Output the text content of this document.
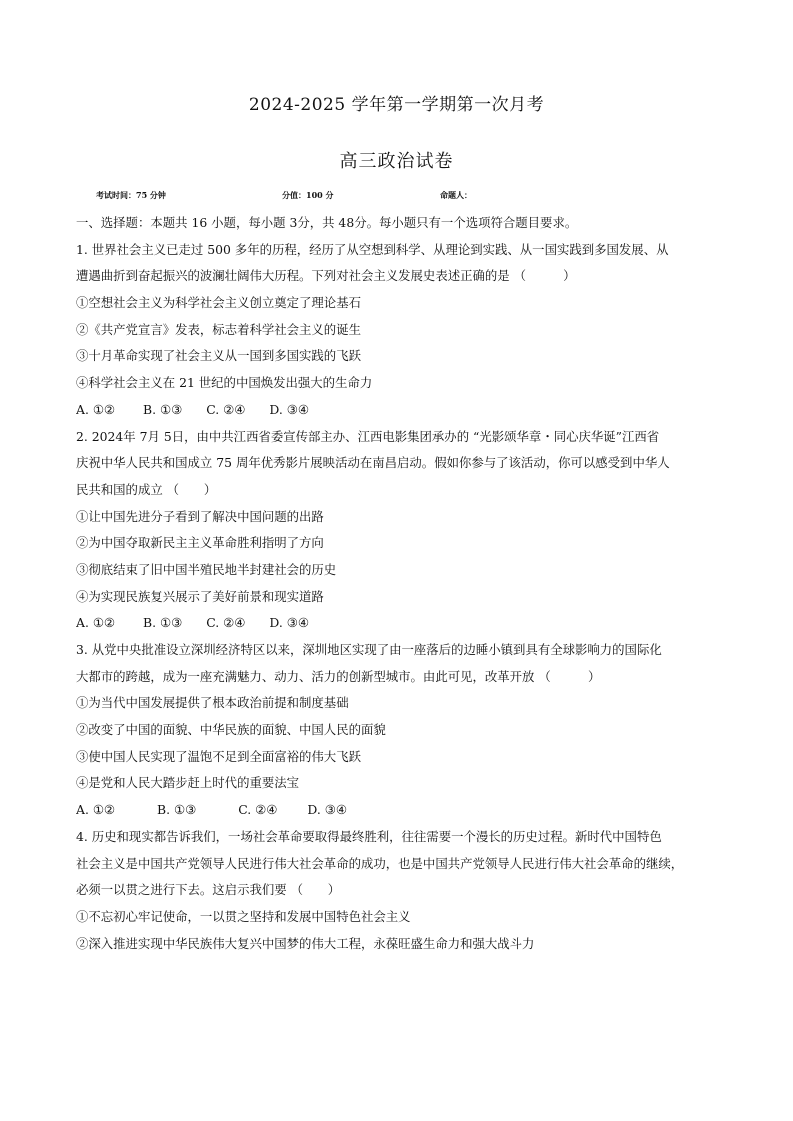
2024-2025 学年第一学期第一次月考
高三政治试卷
考试时间：75 分钟	分值：100 分	命题人：
一、选择题：本题共 16 小题，每小题 3分，共 48分。每小题只有一个选项符合题目要求。
1. 世界社会主义已走过 500 多年的历程，经历了从空想到科学、从理论到实践、从一国实践到多国发展、从
遭遇曲折到奋起振兴的波澜壮阔伟大历程。下列对社会主义发展史表述正确的是 （　　　）
①空想社会主义为科学社会主义创立奠定了理论基石
②《共产党宣言》发表，标志着科学社会主义的诞生
③十月革命实现了社会主义从一国到多国实践的飞跃
④科学社会主义在 21 世纪的中国焕发出强大的生命力
A. ①② B. ①③ C. ②④ D. ③④
2. 2024年 7月 5日，由中共江西省委宣传部主办、江西电影集团承办的 “光影颂华章・同心庆华诞”江西省
庆祝中华人民共和国成立 75 周年优秀影片展映活动在南昌启动。假如你参与了该活动，你可以感受到中华人
民共和国的成立 （　　）
①让中国先进分子看到了解决中国问题的出路
②为中国夺取新民主主义革命胜利指明了方向
③彻底结束了旧中国半殖民地半封建社会的历史
④为实现民族复兴展示了美好前景和现实道路
A. ①② B. ①③ C. ②④ D. ③④
3. 从党中央批准设立深圳经济特区以来，深圳地区实现了由一座落后的边睡小镇到具有全球影响力的国际化
大都市的跨越，成为一座充满魅力、动力、活力的创新型城市。由此可见，改革开放 （　　　）
①为当代中国发展提供了根本政治前提和制度基础
②改变了中国的面貌、中华民族的面貌、中国人民的面貌
③使中国人民实现了温饱不足到全面富裕的伟大飞跃
④是党和人民大踏步赶上时代的重要法宝
A. ①②	B. ①③	C. ②④ D. ③④
4. 历史和现实都告诉我们，一场社会革命要取得最终胜利，往往需要一个漫长的历史过程。新时代中国特色
社会主义是中国共产党领导人民进行伟大社会革命的成功，也是中国共产党领导人民进行伟大社会革命的继续，
必须一以贯之进行下去。这启示我们要 （　　）
①不忘初心牢记使命，一以贯之坚持和发展中国特色社会主义
②深入推进实现中华民族伟大复兴中国梦的伟大工程，永葆旺盛生命力和强大战斗力
